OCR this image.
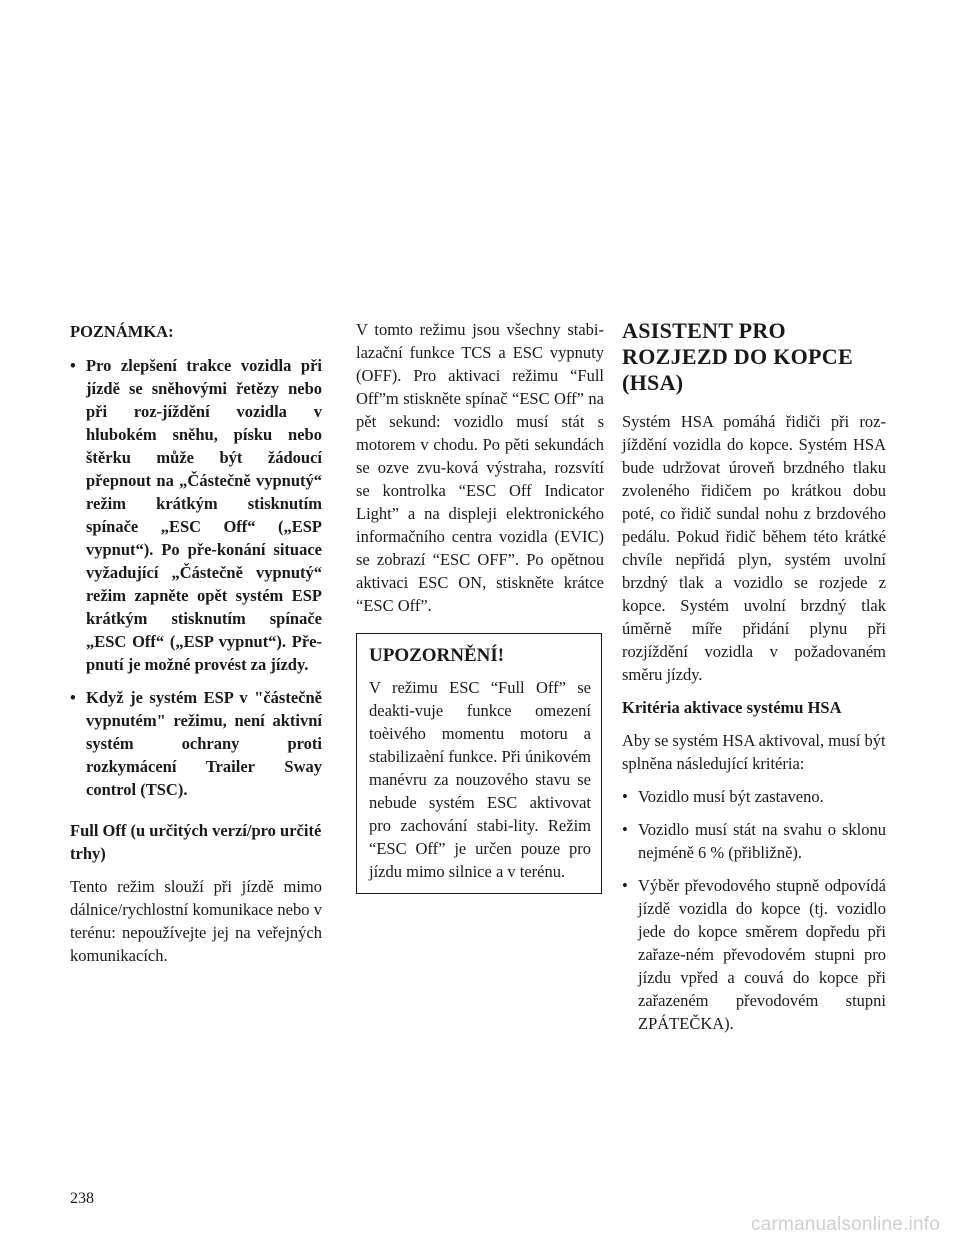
POZNÁMKA:
• Pro zlepšení trakce vozidla při jízdě se sněhovými řetězy nebo při roz-jíždění vozidla v hlubokém sněhu, písku nebo štěrku může být žádoucí přepnout na „Částečně vypnutý“ režim krátkým stisknutím spínače „ESC Off“ („ESP vypnut“). Po pře-konání situace vyžadující „Částečně vypnutý“ režim zapněte opět systém ESP krátkým stisknutím spínače „ESC Off“ („ESP vypnut“). Pře-pnutí je možné provést za jízdy.
• Když je systém ESP v "částečně vypnutém" režimu, není aktivní systém ochrany proti rozkymácení Trailer Sway control (TSC).
Full Off (u určitých verzí/pro určité trhy)

Tento režim slouží při jízdě mimo dálnice/rychlostní komunikace nebo v terénu: nepoužívejte jej na veřejných komunikacích.

V tomto režimu jsou všechny stabi-lazační funkce TCS a ESC vypnuty (OFF). Pro aktivaci režimu “Full Off”m stiskněte spínač “ESC Off” na pět sekund: vozidlo musí stát s motorem v chodu. Po pěti sekundách se ozve zvu-ková výstraha, rozsvítí se kontrolka “ESC Off Indicator Light” a na displeji elektronického informačního centra vozidla (EVIC) se zobrazí “ESC OFF”. Po opětnou aktivaci ESC ON, stiskněte krátce “ESC Off”.

UPOZORNĚNÍ!

V režimu ESC “Full Off” se deakti-vuje funkce omezení toèivého momentu motoru a stabilizaèní funkce. Při únikovém manévru za nouzového stavu se nebude systém ESC aktivovat pro zachování stabi-lity. Režim “ESC Off” je určen pouze pro jízdu mimo silnice a v terénu.

ASISTENT PRO ROZJEZD DO KOPCE (HSA)

Systém HSA pomáhá řidiči při roz-jíždění vozidla do kopce. Systém HSA bude udržovat úroveň brzdného tlaku zvoleného řidičem po krátkou dobu poté, co řidič sundal nohu z brzdového pedálu. Pokud řidič během této krátké chvíle nepřidá plyn, systém uvolní brzdný tlak a vozidlo se rozjede z kopce. Systém uvolní brzdný tlak úměrně míře přidání plynu při rozjíždění vozidla v požadovaném směru jízdy.

Kritéria aktivace systému HSA

Aby se systém HSA aktivoval, musí být splněna následující kritéria:

• Vozidlo musí být zastaveno.
• Vozidlo musí stát na svahu o sklonu nejméně 6 % (přibližně).
• Výběr převodového stupně odpovídá jízdě vozidla do kopce (tj. vozidlo jede do kopce směrem dopředu při zařaze-ném převodovém stupni pro jízdu vpřed a couvá do kopce při zařazeném převodovém stupni ZPÁTEČKA).
238
carmanualsonline.info
